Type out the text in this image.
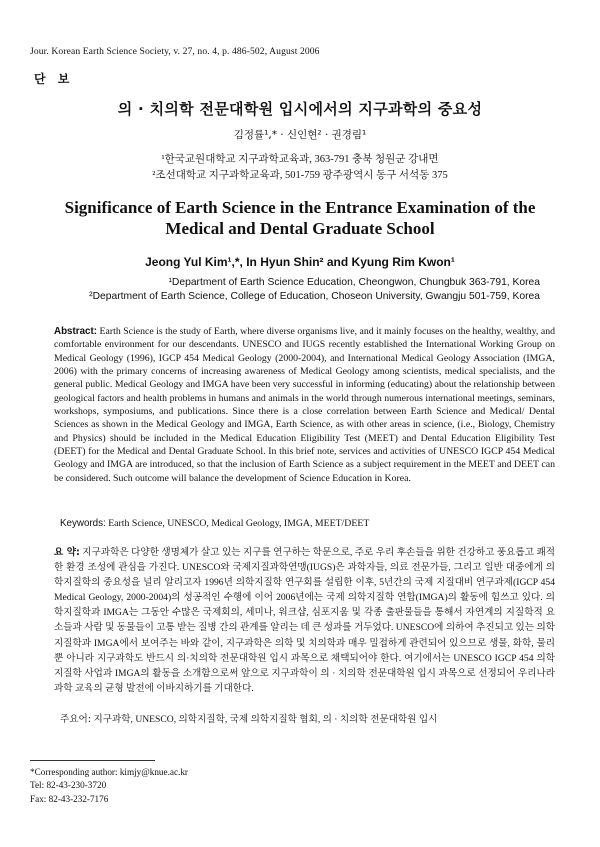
Jour. Korean Earth Science Society, v. 27, no. 4, p. 486-502, August 2006
단 보
의 · 치의학 전문대학원 입시에서의 지구과학의 중요성
김정률¹,* · 신인현² · 권경림¹
¹한국교원대학교 지구과학교육과, 363-791 충북 청원군 강내면
²조선대학교 지구과학교육과, 501-759 광주광역시 동구 서석동 375
Significance of Earth Science in the Entrance Examination of the Medical and Dental Graduate School
Jeong Yul Kim¹,*, In Hyun Shin² and Kyung Rim Kwon¹
¹Department of Earth Science Education, Cheongwon, Chungbuk 363-791, Korea
²Department of Earth Science, College of Education, Choseon University, Gwangju 501-759, Korea
Abstract: Earth Science is the study of Earth, where diverse organisms live, and it mainly focuses on the healthy, wealthy, and comfortable environment for our descendants. UNESCO and IUGS recently established the International Working Group on Medical Geology (1996), IGCP 454 Medical Geology (2000-2004), and International Medical Geology Association (IMGA, 2006) with the primary concerns of increasing awareness of Medical Geology among scientists, medical specialists, and the general public. Medical Geology and IMGA have been very successful in informing (educating) about the relationship between geological factors and health problems in humans and animals in the world through numerous international meetings, seminars, workshops, symposiums, and publications. Since there is a close correlation between Earth Science and Medical/ Dental Sciences as shown in the Medical Geology and IMGA, Earth Science, as with other areas in science, (i.e., Biology, Chemistry and Physics) should be included in the Medical Education Eligibility Test (MEET) and Dental Education Eligibility Test (DEET) for the Medical and Dental Graduate School. In this brief note, services and activities of UNESCO IGCP 454 Medical Geology and IMGA are introduced, so that the inclusion of Earth Science as a subject requirement in the MEET and DEET can be considered. Such outcome will balance the development of Science Education in Korea.
Keywords: Earth Science, UNESCO, Medical Geology, IMGA, MEET/DEET
요 약: 지구과학은 다양한 생명체가 살고 있는 지구를 연구하는 학문으로, 주로 우리 후손들을 위한 건강하고 풍요롭고 쾌적한 환경 조성에 관심을 가진다. UNESCO와 국제지질과학연맹(IUGS)은 과학자들, 의료 전문가들, 그리고 일반 대중에게 의학지질학의 중요성을 널리 알리고자 1996년 의학지질학 연구회를 설립한 이후, 5년간의 국제 지질대비 연구과제(IGCP 454 Medical Geology, 2000-2004)의 성공적인 수행에 이어 2006년에는 국제 의학지질학 연합(IMGA)의 활동에 힘쓰고 있다. 의학지질학과 IMGA는 그동안 수많은 국제회의, 세미나, 워크샵, 심포지움 및 각종 출판물들을 통해서 자연계의 지질학적 요소들과 사람 및 동물들이 고통 받는 질병 간의 관계를 알리는 데 큰 성과를 거두었다. UNESCO에 의하여 추진되고 있는 의학지질학과 IMGA에서 보여주는 바와 같이, 지구과학은 의학 및 치의학과 매우 밀접하게 관련되어 있으므로 생물, 화학, 물리 뿐 아니라 지구과학도 반드시 의·치의학 전문대학원 입시 과목으로 채택되어야 한다. 여기에서는 UNESCO IGCP 454 의학지질학 사업과 IMGA의 활동을 소개함으로써 앞으로 지구과학이 의 · 치의학 전문대학원 입시 과목으로 선정되어 우리나라 과학 교육의 균형 발전에 이바지하기를 기대한다.
주요어: 지구과학, UNESCO, 의학지질학, 국제 의학지질학 협회, 의 · 치의학 전문대학원 입시
*Corresponding author: kimjy@knue.ac.kr
Tel: 82-43-230-3720
Fax: 82-43-232-7176
